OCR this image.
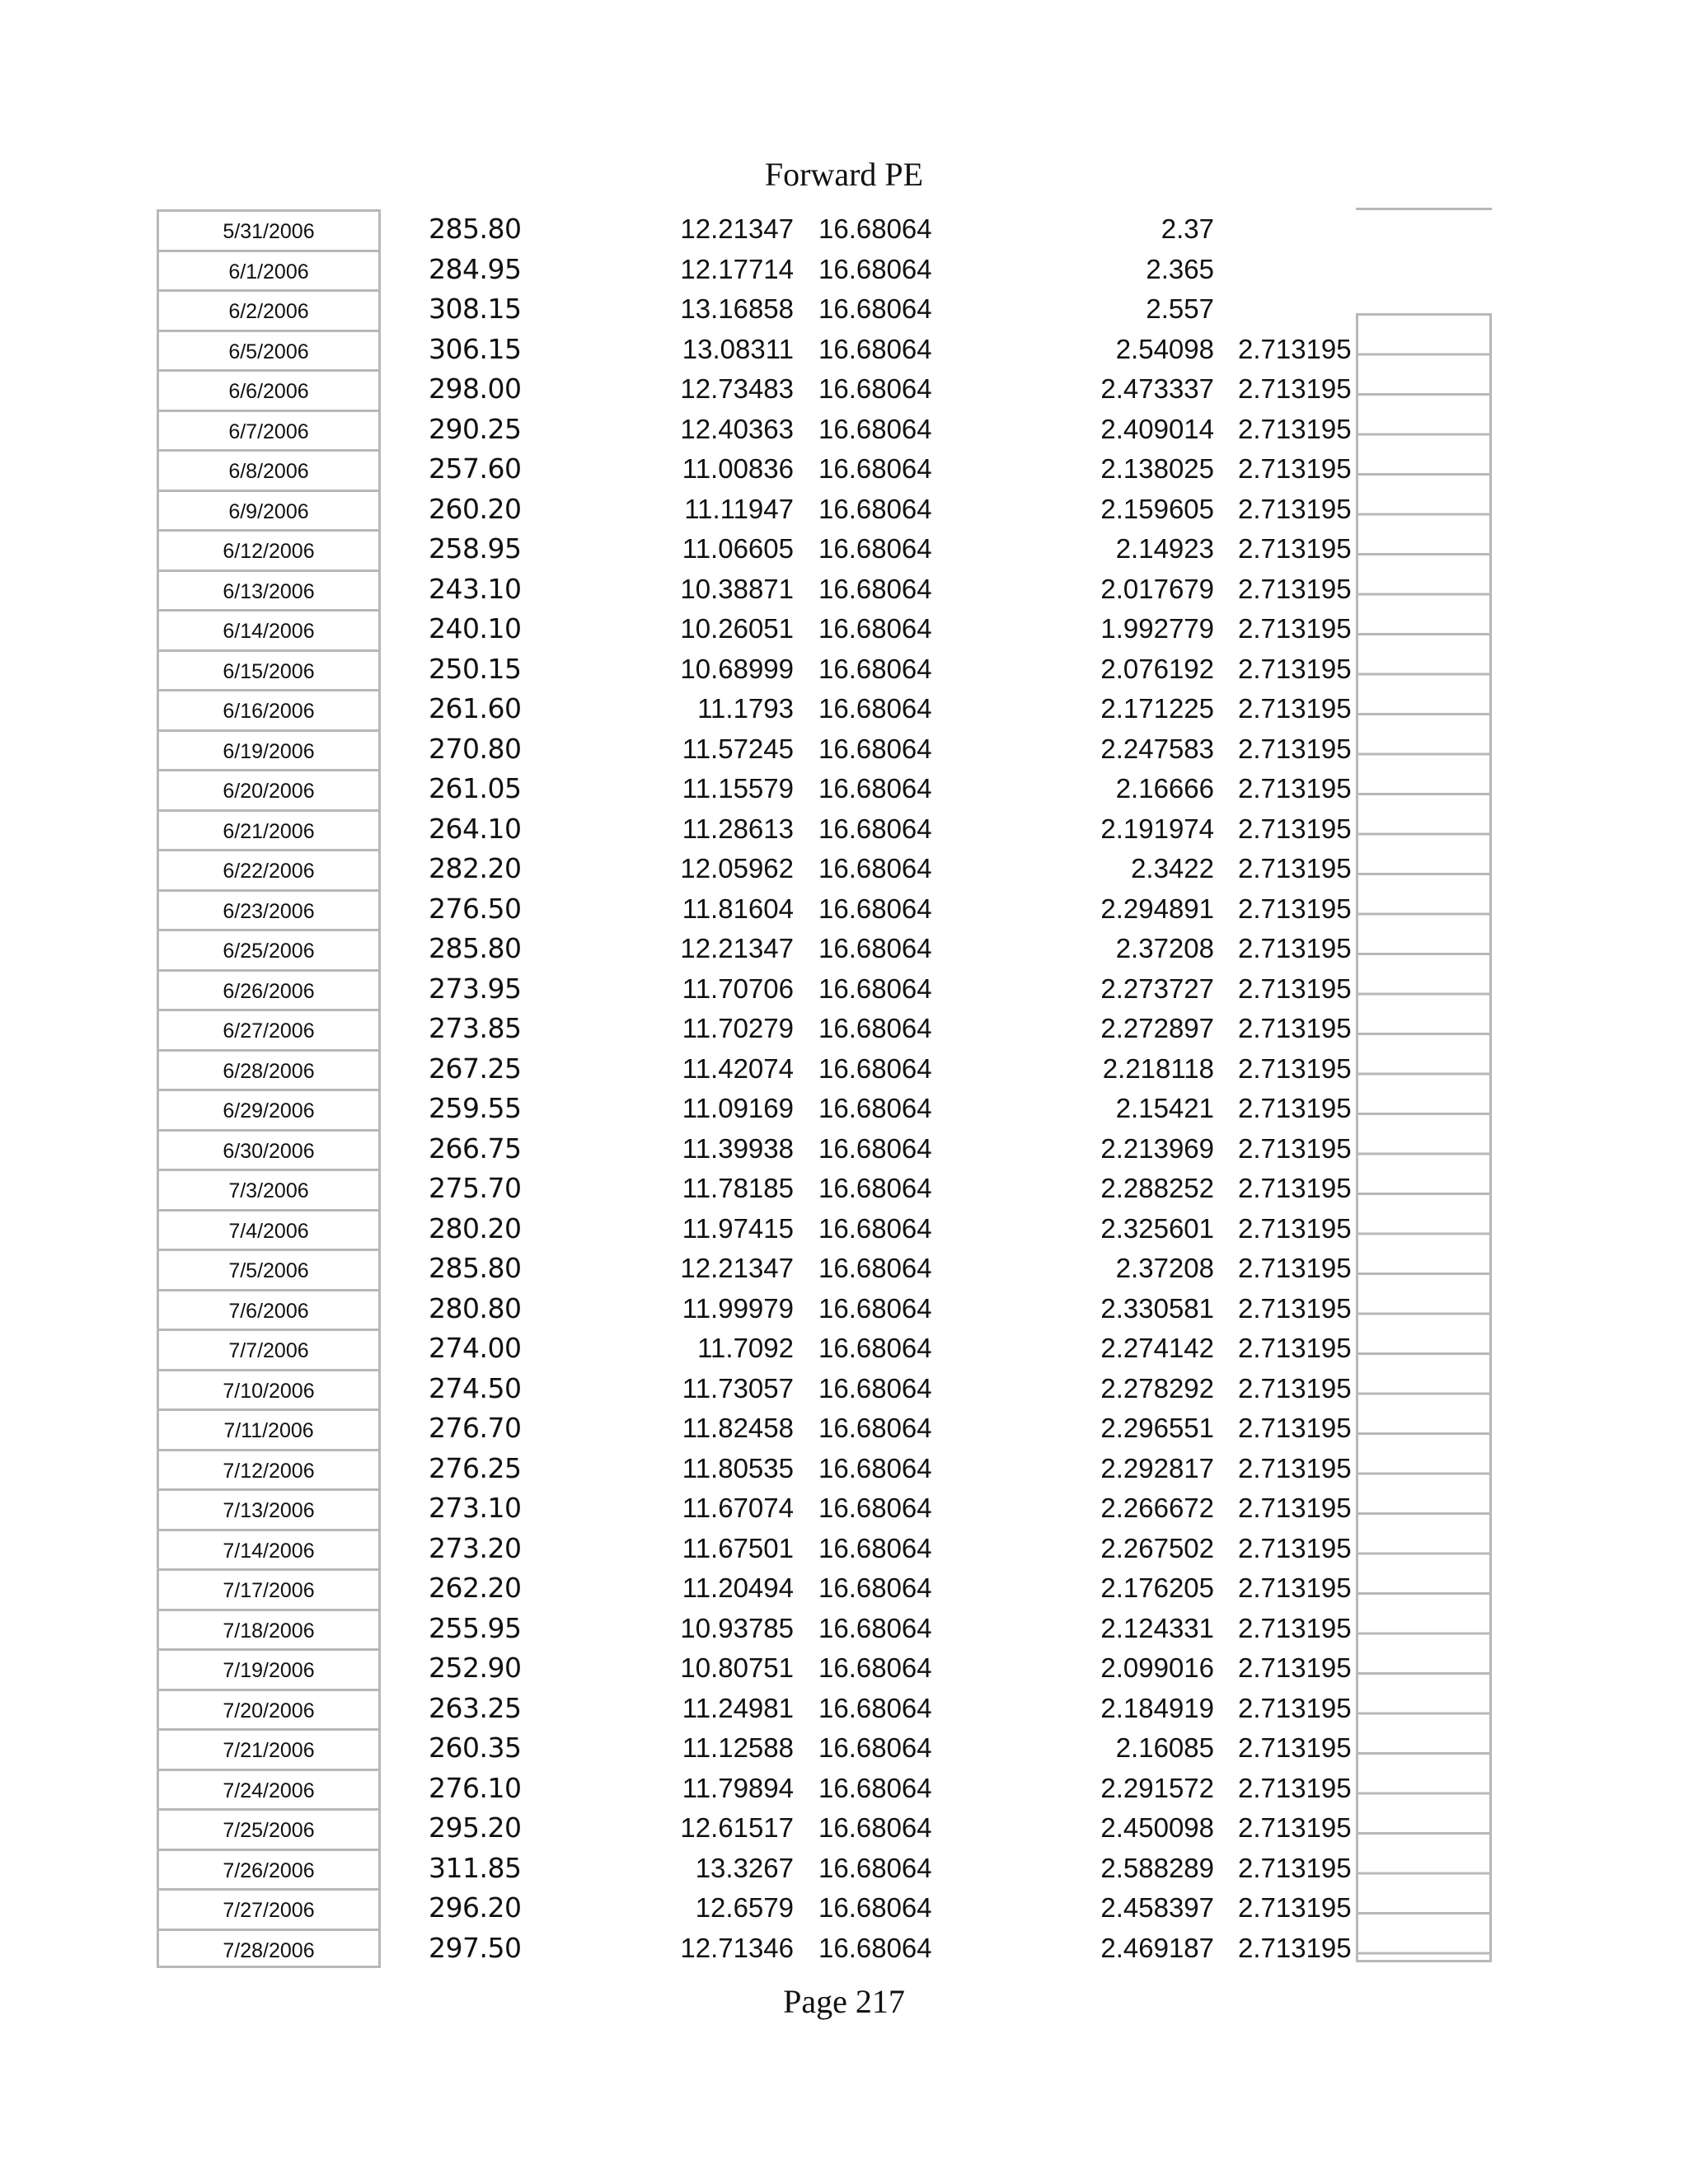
Forward PE
5/31/2006	285.80	12.21347 16.68064	2.37
6/1/2006	284.95	12.17714 16.68064	2.365
6/2/2006	308.15	13.16858 16.68064	2.557
6/5/2006	306.15	13.08311 16.68064	2.54098 2.713195
6/6/2006	298.00	12.73483 16.68064	2.473337 2.713195
6/7/2006	290.25	12.40363 16.68064	2.409014 2.713195
6/8/2006	257.60	11.00836 16.68064	2.138025 2.713195
6/9/2006	260.20	11.11947 16.68064	2.159605 2.713195
6/12/2006	258.95	11.06605 16.68064	2.14923 2.713195
6/13/2006	243.10	10.38871 16.68064	2.017679 2.713195
6/14/2006	240.10	10.26051 16.68064	1.992779 2.713195
6/15/2006	250.15	10.68999 16.68064	2.076192 2.713195
6/16/2006	261.60	11.1793 16.68064	2.171225 2.713195
6/19/2006	270.80	11.57245 16.68064	2.247583 2.713195
6/20/2006	261.05	11.15579 16.68064	2.16666 2.713195
6/21/2006	264.10	11.28613 16.68064	2.191974 2.713195
6/22/2006	282.20	12.05962 16.68064	2.3422 2.713195
6/23/2006	276.50	11.81604 16.68064	2.294891 2.713195
6/25/2006	285.80	12.21347 16.68064	2.37208 2.713195
6/26/2006	273.95	11.70706 16.68064	2.273727 2.713195
6/27/2006	273.85	11.70279 16.68064	2.272897 2.713195
6/28/2006	267.25	11.42074 16.68064	2.218118 2.713195
6/29/2006	259.55	11.09169 16.68064	2.15421 2.713195
6/30/2006	266.75	11.39938 16.68064	2.213969 2.713195
7/3/2006	275.70	11.78185 16.68064	2.288252 2.713195
7/4/2006	280.20	11.97415 16.68064	2.325601 2.713195
7/5/2006	285.80	12.21347 16.68064	2.37208 2.713195
7/6/2006	280.80	11.99979 16.68064	2.330581 2.713195
7/7/2006	274.00	11.7092 16.68064	2.274142 2.713195
7/10/2006	274.50	11.73057 16.68064	2.278292 2.713195
7/11/2006	276.70	11.82458 16.68064	2.296551 2.713195
7/12/2006	276.25	11.80535 16.68064	2.292817 2.713195
7/13/2006	273.10	11.67074 16.68064	2.266672 2.713195
7/14/2006	273.20	11.67501 16.68064	2.267502 2.713195
7/17/2006	262.20	11.20494 16.68064	2.176205 2.713195
7/18/2006	255.95	10.93785 16.68064	2.124331 2.713195
7/19/2006	252.90	10.80751 16.68064	2.099016 2.713195
7/20/2006	263.25	11.24981 16.68064	2.184919 2.713195
7/21/2006	260.35	11.12588 16.68064	2.16085 2.713195
7/24/2006	276.10	11.79894 16.68064	2.291572 2.713195
7/25/2006	295.20	12.61517 16.68064	2.450098 2.713195
7/26/2006	311.85	13.3267 16.68064	2.588289 2.713195
7/27/2006	296.20	12.6579 16.68064	2.458397 2.713195
7/28/2006	297.50	12.71346 16.68064	2.469187 2.713195
Page 217
